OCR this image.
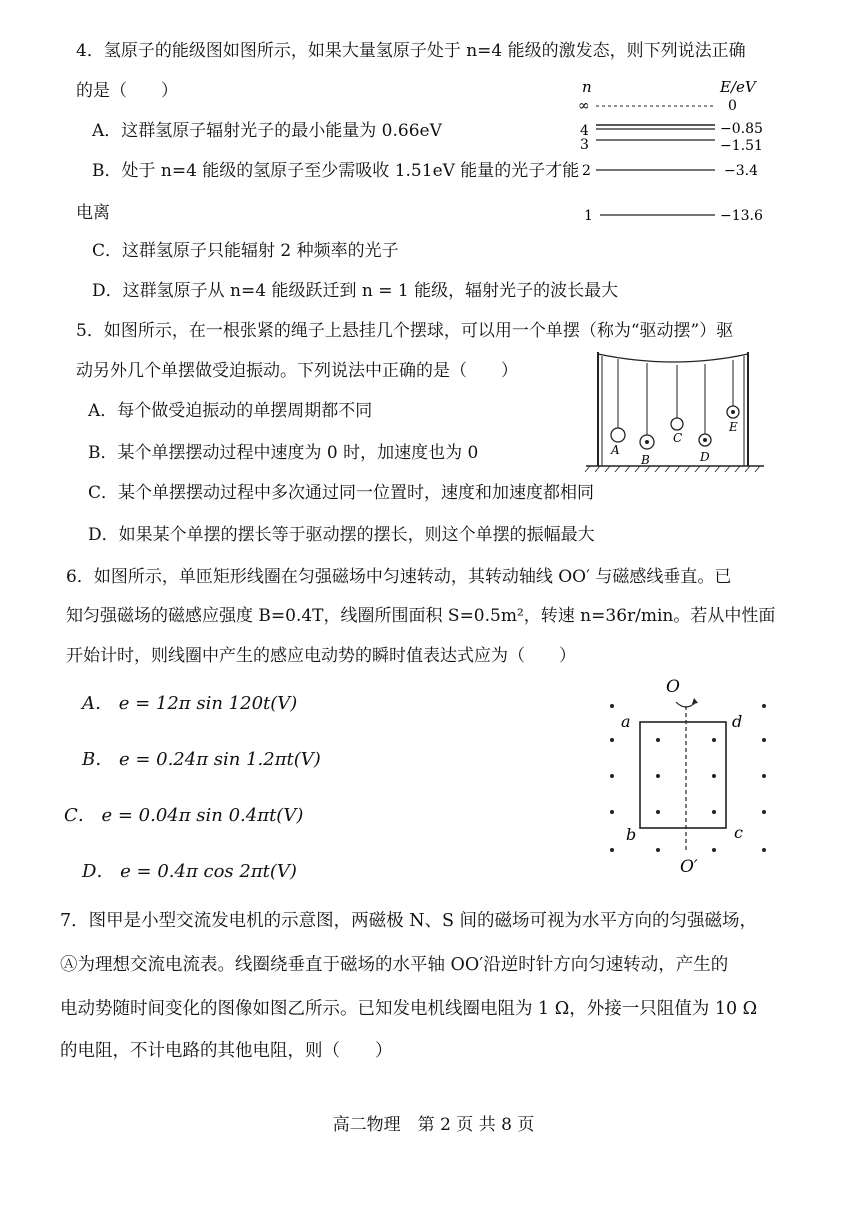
4．氢原子的能级图如图所示，如果大量氢原子处于 n=4 能级的激发态，则下列说法正确
的是（　　）
A．这群氢原子辐射光子的最小能量为 0.66eV
B．处于 n=4 能级的氢原子至少需吸收 1.51eV 能量的光子才能
电离
C．这群氢原子只能辐射 2 种频率的光子
D．这群氢原子从 n=4 能级跃迁到 n = 1 能级，辐射光子的波长最大
n	E/eV
∞	0
4	−0.85
3	−1.51
2	−3.4
1	−13.6
5．如图所示，在一根张紧的绳子上悬挂几个摆球，可以用一个单摆（称为“驱动摆”）驱
动另外几个单摆做受迫振动。下列说法中正确的是（　　）
A．每个做受迫振动的单摆周期都不同
B．某个单摆摆动过程中速度为 0 时，加速度也为 0
C．某个单摆摆动过程中多次通过同一位置时，速度和加速度都相同
D．如果某个单摆的摆长等于驱动摆的摆长，则这个单摆的振幅最大
A
B
C
D
E
6．如图所示，单匝矩形线圈在匀强磁场中匀速转动，其转动轴线 OO′ 与磁感线垂直。已
知匀强磁场的磁感应强度 B=0.4T，线圈所围面积 S=0.5m²，转速 n=36r/min。若从中性面
开始计时，则线圈中产生的感应电动势的瞬时值表达式应为（　　）
A． e = 12π sin 120t(V)
B． e = 0.24π sin 1.2πt(V)
C． e = 0.04π sin 0.4πt(V)
D． e = 0.4π cos 2πt(V)
O
a	d
b	c
O′
7．图甲是小型交流发电机的示意图，两磁极 N、S 间的磁场可视为水平方向的匀强磁场，
Ⓐ为理想交流电流表。线圈绕垂直于磁场的水平轴 OO′沿逆时针方向匀速转动，产生的
电动势随时间变化的图像如图乙所示。已知发电机线圈电阻为 1 Ω，外接一只阻值为 10 Ω
的电阻，不计电路的其他电阻，则（　　）
高二物理　第 2 页 共 8 页
